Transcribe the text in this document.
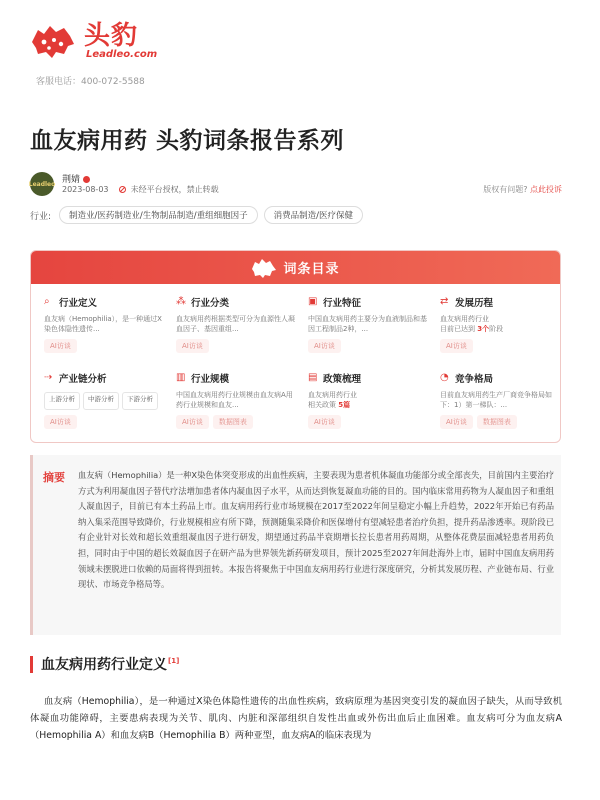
头豹
Leadleo.com
客服电话：400-072-5588
血友病用药 头豹词条报告系列
Leadleo 荆婧
2023-08-03	未经平台授权，禁止转载	版权有问题? 点此投诉
行业:	制造业/医药制造业/生物制品制造/重组细胞因子	消费品制造/医疗保健
词条目录
⌕ 行业定义
血友病（Hemophilia），是一种通过X染色体隐性遗传...
AI访谈
⁂ 行业分类
血友病用药根据类型可分为血源性人凝血因子、基因重组...
AI访谈
▣ 行业特征
中国血友病用药主要分为血液制品和基因工程制品2种，...
AI访谈
⇄ 发展历程
血友病用药行业
目前已达到 3个阶段
AI访谈
⇢ 产业链分析
上游分析	中游分析	下游分析
AI访谈
▥ 行业规模
中国血友病用药行业规模由血友病A用药行业规模和血友...
AI访谈	数据图表
▤ 政策梳理
血友病用药行业
相关政策 5篇
AI访谈
◔ 竞争格局
目前血友病用药生产厂商竞争格局如下：1）第一梯队：...
AI访谈	数据图表
摘要 血友病（Hemophilia）是一种X染色体突变形成的出血性疾病，主要表现为患者机体凝血功能部分或全部丧失，目前国内主要治疗方式为利用凝血因子替代疗法增加患者体内凝血因子水平，从而达到恢复凝血功能的目的。国内临床常用药物为人凝血因子和重组人凝血因子，目前已有本土药品上市。血友病用药行业市场规模在2017至2022年间呈稳定小幅上升趋势，2022年开始已有药品纳入集采范围导致降价，行业规模相应有所下降，预测随集采降价和医保增付有望减轻患者治疗负担，提升药品渗透率。现阶段已有企业针对长效和超长效重组凝血因子进行研发，期望通过药品半衰期增长拉长患者用药周期，从整体花费层面减轻患者用药负担，同时由于中国的超长效凝血因子在研产品为世界领先新药研发项目，预计2025至2027年间赴海外上市，届时中国血友病用药领域未摆脱进口依赖的局面将得到扭转。本报告将聚焦于中国血友病用药行业进行深度研究，分析其发展历程、产业链布局、行业现状、市场竞争格局等。

血友病用药行业定义[1]

血友病（Hemophilia），是一种通过X染色体隐性遗传的出血性疾病，致病原理为基因突变引发的凝血因子缺失，从而导致机体凝血功能障碍，主要患病表现为关节、肌肉、内脏和深部组织自发性出血或外伤出血后止血困难。血友病可分为血友病A（Hemophilia A）和血友病B（Hemophilia B）两种亚型，血友病A的临床表现为
